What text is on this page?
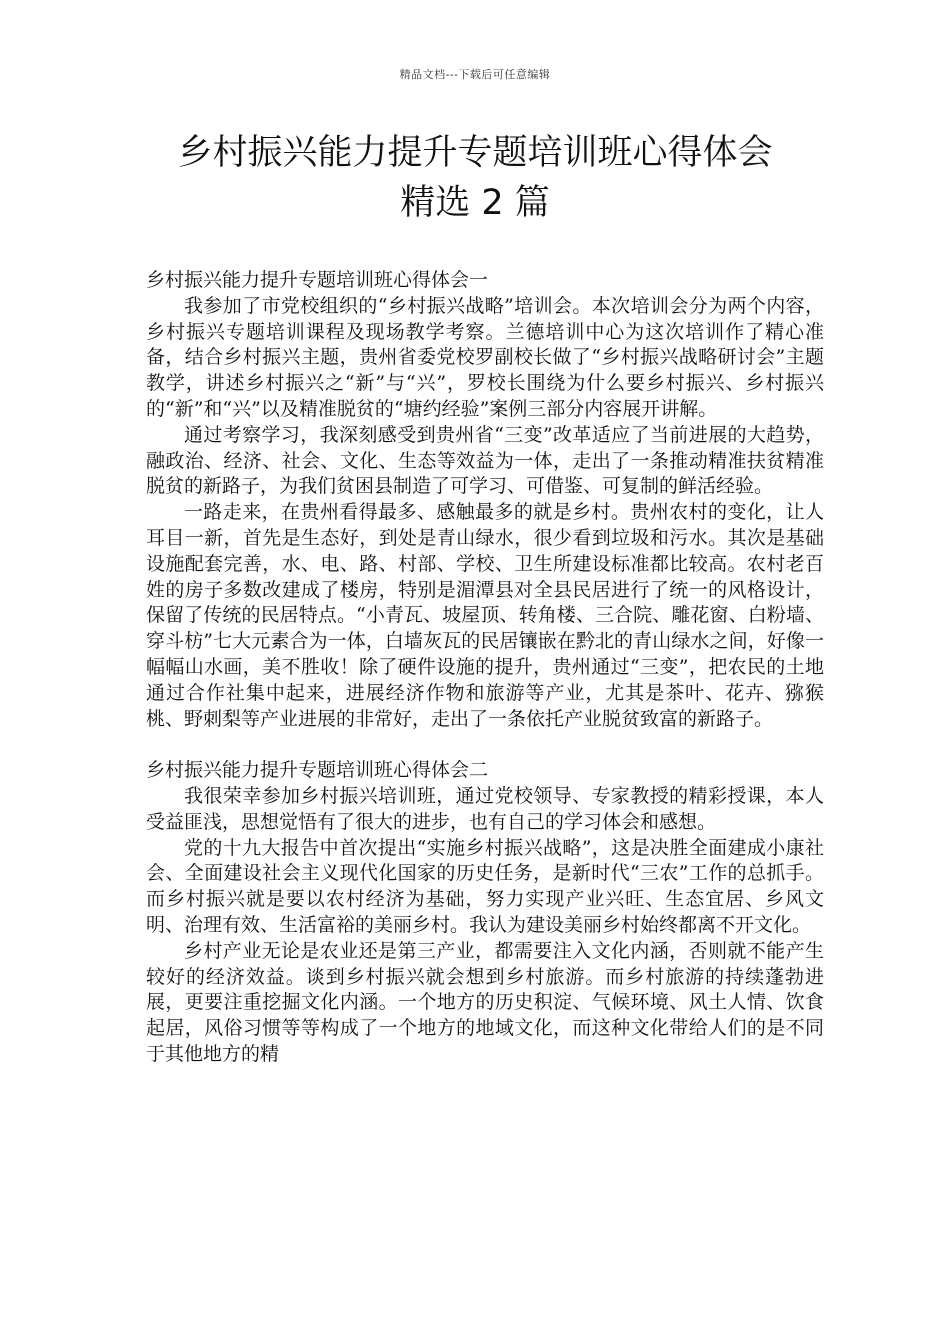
精品文档---下载后可任意编辑
乡村振兴能力提升专题培训班心得体会
精选 2 篇

乡村振兴能力提升专题培训班心得体会一

我参加了市党校组织的“乡村振兴战略”培训会。本次培训会分为两个内容，乡村振兴专题培训课程及现场教学考察。兰德培训中心为这次培训作了精心准备，结合乡村振兴主题，贵州省委党校罗副校长做了“乡村振兴战略研讨会”主题教学，讲述乡村振兴之“新”与“兴”，罗校长围绕为什么要乡村振兴、乡村振兴的“新”和“兴”以及精准脱贫的“塘约经验”案例三部分内容展开讲解。

通过考察学习，我深刻感受到贵州省“三变”改革适应了当前进展的大趋势，融政治、经济、社会、文化、生态等效益为一体，走出了一条推动精准扶贫精准脱贫的新路子，为我们贫困县制造了可学习、可借鉴、可复制的鲜活经验。

一路走来，在贵州看得最多、感触最多的就是乡村。贵州农村的变化，让人耳目一新，首先是生态好，到处是青山绿水，很少看到垃圾和污水。其次是基础设施配套完善，水、电、路、村部、学校、卫生所建设标准都比较高。农村老百姓的房子多数改建成了楼房，特别是湄潭县对全县民居进行了统一的风格设计，保留了传统的民居特点。“小青瓦、坡屋顶、转角楼、三合院、雕花窗、白粉墙、穿斗枋”七大元素合为一体，白墙灰瓦的民居镶嵌在黔北的青山绿水之间，好像一幅幅山水画，美不胜收！除了硬件设施的提升，贵州通过“三变”，把农民的土地通过合作社集中起来，进展经济作物和旅游等产业，尤其是茶叶、花卉、猕猴桃、野刺梨等产业进展的非常好，走出了一条依托产业脱贫致富的新路子。

乡村振兴能力提升专题培训班心得体会二

我很荣幸参加乡村振兴培训班，通过党校领导、专家教授的精彩授课，本人受益匪浅，思想觉悟有了很大的进步，也有自己的学习体会和感想。

党的十九大报告中首次提出“实施乡村振兴战略”，这是决胜全面建成小康社会、全面建设社会主义现代化国家的历史任务，是新时代“三农”工作的总抓手。而乡村振兴就是要以农村经济为基础，努力实现产业兴旺、生态宜居、乡风文明、治理有效、生活富裕的美丽乡村。我认为建设美丽乡村始终都离不开文化。

乡村产业无论是农业还是第三产业，都需要注入文化内涵，否则就不能产生较好的经济效益。谈到乡村振兴就会想到乡村旅游。而乡村旅游的持续蓬勃进展，更要注重挖掘文化内涵。一个地方的历史积淀、气候环境、风土人情、饮食起居，风俗习惯等等构成了一个地方的地域文化，而这种文化带给人们的是不同于其他地方的精
